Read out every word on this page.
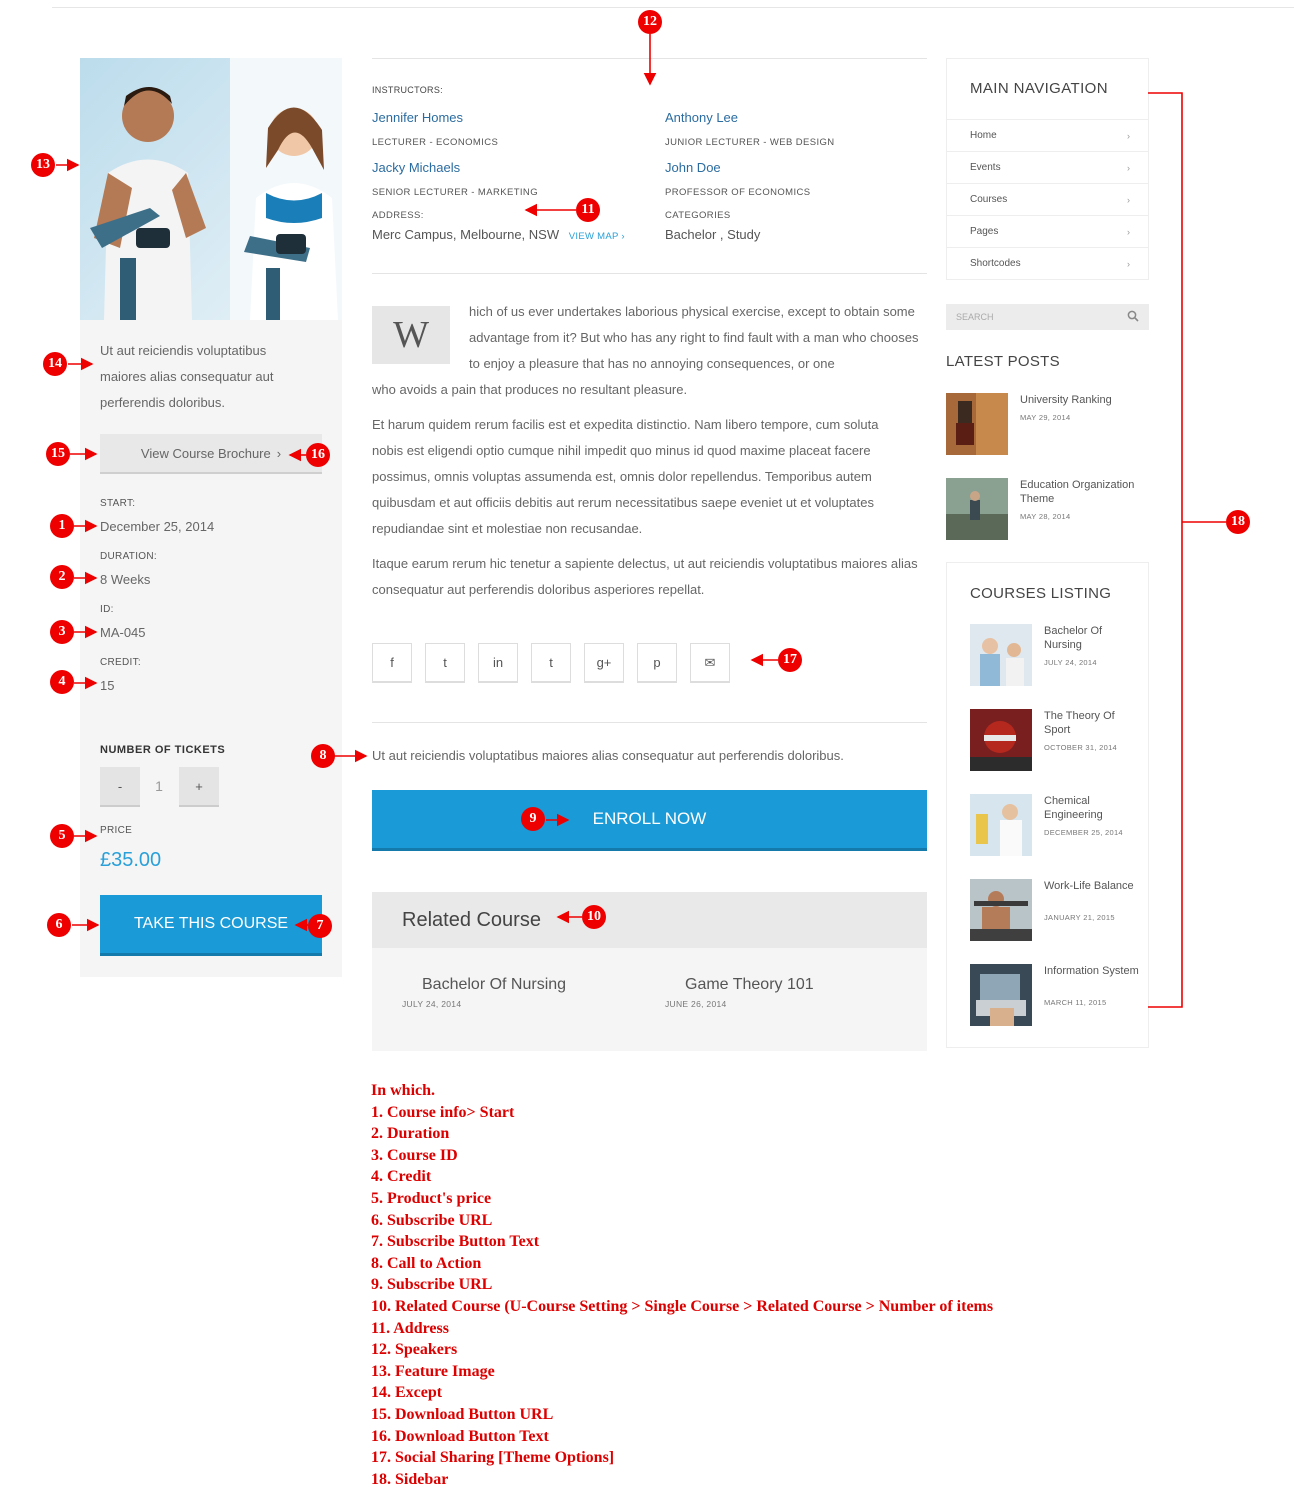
Ut aut reiciendis voluptatibus maiores alias consequatur aut perferendis doloribus.
View Course Brochure ›
START:
December 25, 2014
DURATION:
8 Weeks
ID:
MA-045
CREDIT:
15
NUMBER OF TICKETS
-	1	+
PRICE
£35.00
TAKE THIS COURSE
INSTRUCTORS:
Jennifer Homes
LECTURER - ECONOMICS
Anthony Lee
JUNIOR LECTURER - WEB DESIGN
Jacky Michaels
SENIOR LECTURER - MARKETING
John Doe
PROFESSOR OF ECONOMICS
ADDRESS:
Merc Campus, Melbourne, NSW VIEW MAP ›
CATEGORIES
Bachelor , Study
W
hich of us ever undertakes laborious physical exercise, except to obtain some advantage from it? But who has any right to find fault with a man who chooses to enjoy a pleasure that has no annoying consequences, or one
who avoids a pain that produces no resultant pleasure.
Et harum quidem rerum facilis est et expedita distinctio. Nam libero tempore, cum soluta nobis est eligendi optio cumque nihil impedit quo minus id quod maxime placeat facere possimus, omnis voluptas assumenda est, omnis dolor repellendus. Temporibus autem quibusdam et aut officiis debitis aut rerum necessitatibus saepe eveniet ut et voluptates repudiandae sint et molestiae non recusandae.
Itaque earum rerum hic tenetur a sapiente delectus, ut aut reiciendis voluptatibus maiores alias consequatur aut perferendis doloribus asperiores repellat.
f	t	in	t	g+	p	✉
Ut aut reiciendis voluptatibus maiores alias consequatur aut perferendis doloribus.
ENROLL NOW
Related Course
Bachelor Of Nursing
JULY 24, 2014
Game Theory 101
JUNE 26, 2014
MAIN NAVIGATION
Home	›
Events	›
Courses	›
Pages	›
Shortcodes	›
SEARCH
LATEST POSTS
University Ranking
MAY 29, 2014
Education Organization Theme
MAY 28, 2014
COURSES LISTING
Bachelor Of Nursing
JULY 24, 2014
The Theory Of Sport
OCTOBER 31, 2014
Chemical Engineering
DECEMBER 25, 2014
Work-Life Balance
JANUARY 21, 2015
Information System
MARCH 11, 2015
1
2
3
4
5
6	7
8
9
10
11
12
13
14
15	16
17
18
In which.
1. Course info> Start
2. Duration
3. Course ID
4. Credit
5. Product's price
6. Subscribe URL
7. Subscribe Button Text
8. Call to Action
9. Subscribe URL
10. Related Course (U-Course Setting > Single Course > Related Course > Number of items
11. Address
12. Speakers
13. Feature Image
14. Except
15. Download Button URL
16. Download Button Text
17. Social Sharing [Theme Options]
18. Sidebar
